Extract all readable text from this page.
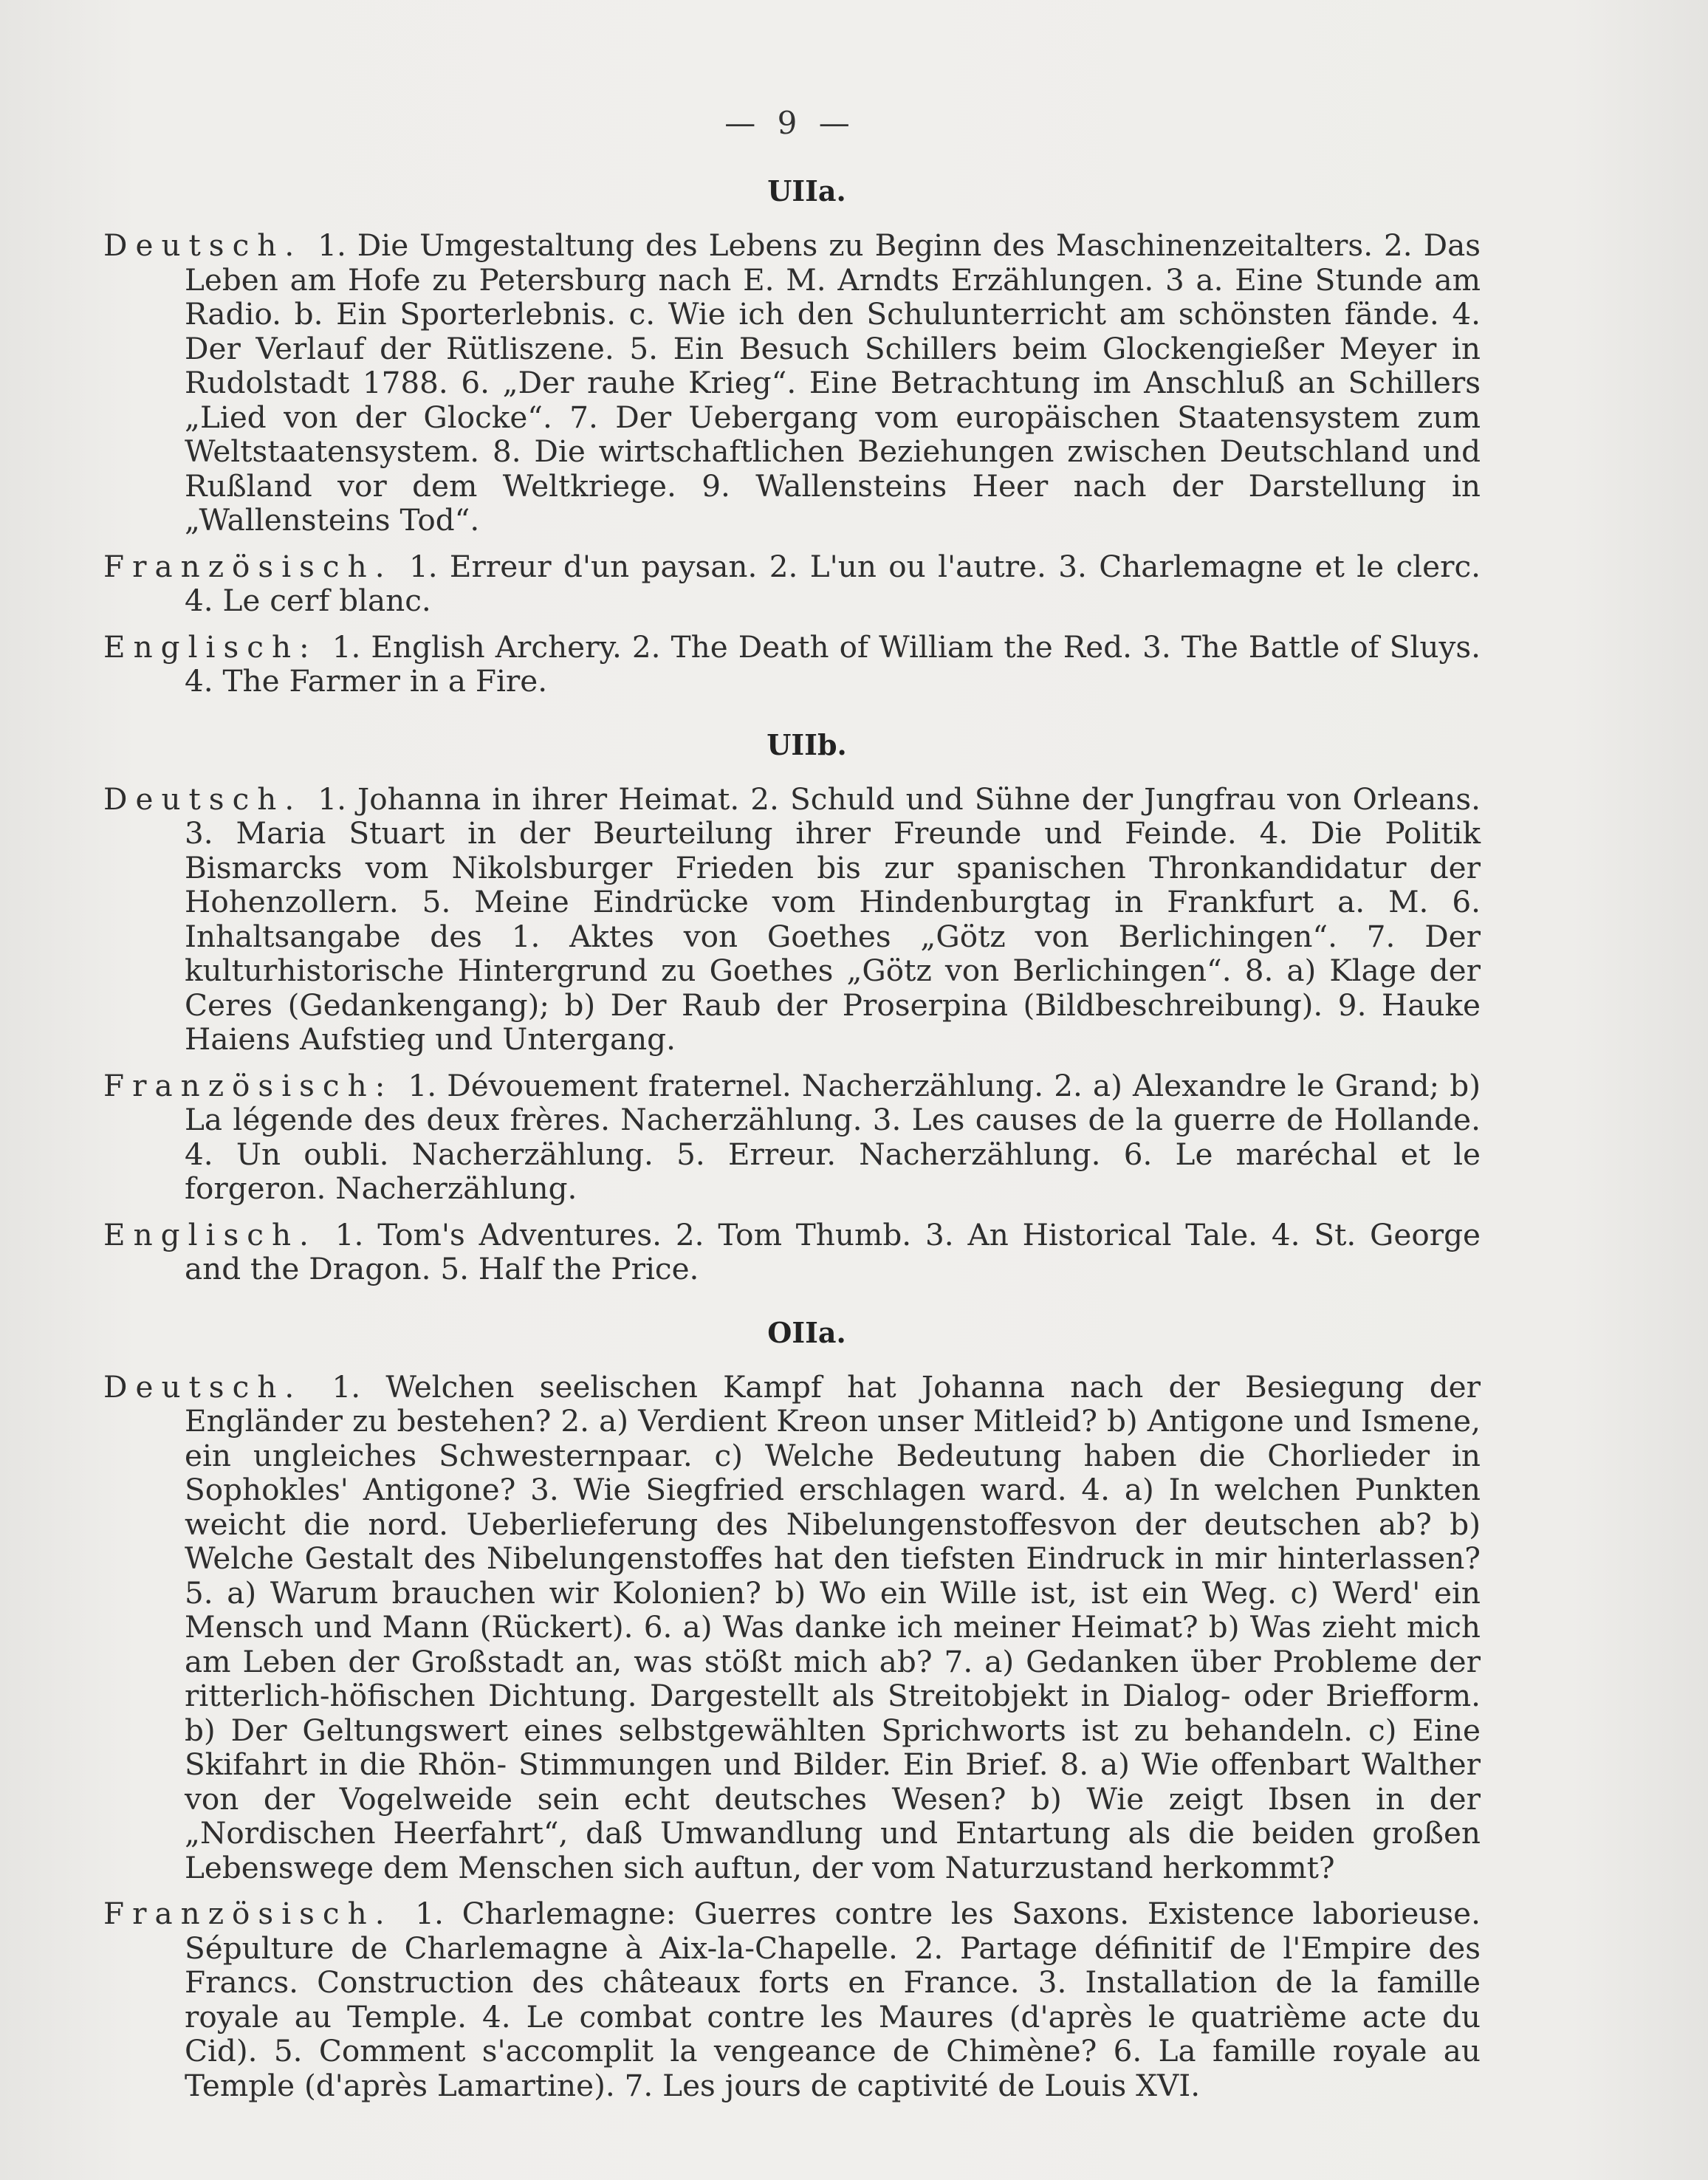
— 9 —
UIIa.

Deutsch. 1. Die Umgestaltung des Lebens zu Beginn des Maschinenzeitalters. 2. Das Leben am Hofe zu Petersburg nach E. M. Arndts Erzählungen. 3 a. Eine Stunde am Radio. b. Ein Sporterlebnis. c. Wie ich den Schulunterricht am schönsten fände. 4. Der Verlauf der Rütliszene. 5. Ein Besuch Schillers beim Glockengießer Meyer in Rudolstadt 1788. 6. „Der rauhe Krieg“. Eine Betrachtung im Anschluß an Schillers „Lied von der Glocke“. 7. Der Uebergang vom europäischen Staatensystem zum Weltstaatensystem. 8. Die wirtschaftlichen Beziehungen zwischen Deutschland und Rußland vor dem Weltkriege. 9. Wallensteins Heer nach der Darstellung in „Wallensteins Tod“.

Französisch. 1. Erreur d'un paysan. 2. L'un ou l'autre. 3. Charlemagne et le clerc. 4. Le cerf blanc.

Englisch: 1. English Archery. 2. The Death of William the Red. 3. The Battle of Sluys. 4. The Farmer in a Fire.

UIIb.

Deutsch. 1. Johanna in ihrer Heimat. 2. Schuld und Sühne der Jungfrau von Orleans. 3. Maria Stuart in der Beurteilung ihrer Freunde und Feinde. 4. Die Politik Bismarcks vom Nikolsburger Frieden bis zur spanischen Thronkandidatur der Hohenzollern. 5. Meine Eindrücke vom Hindenburgtag in Frankfurt a. M. 6. Inhaltsangabe des 1. Aktes von Goethes „Götz von Berlichingen“. 7. Der kulturhistorische Hintergrund zu Goethes „Götz von Berlichingen“. 8. a) Klage der Ceres (Gedankengang); b) Der Raub der Proserpina (Bildbeschreibung). 9. Hauke Haiens Aufstieg und Untergang.

Französisch: 1. Dévouement fraternel. Nacherzählung. 2. a) Alexandre le Grand; b) La légende des deux frères. Nacherzählung. 3. Les causes de la guerre de Hollande. 4. Un oubli. Nacherzählung. 5. Erreur. Nacherzählung. 6. Le maréchal et le forgeron. Nacherzählung.

Englisch. 1. Tom's Adventures. 2. Tom Thumb. 3. An Historical Tale. 4. St. George and the Dragon. 5. Half the Price.

OIIa.

Deutsch. 1. Welchen seelischen Kampf hat Johanna nach der Besiegung der Engländer zu bestehen? 2. a) Verdient Kreon unser Mitleid? b) Antigone und Ismene, ein ungleiches Schwesternpaar. c) Welche Bedeutung haben die Chorlieder in Sophokles' Antigone? 3. Wie Siegfried erschlagen ward. 4. a) In welchen Punkten weicht die nord. Ueberlieferung des Nibelungenstoffesvon der deutschen ab? b) Welche Gestalt des Nibelungenstoffes hat den tiefsten Eindruck in mir hinterlassen? 5. a) Warum brauchen wir Kolonien? b) Wo ein Wille ist, ist ein Weg. c) Werd' ein Mensch und Mann (Rückert). 6. a) Was danke ich meiner Heimat? b) Was zieht mich am Leben der Großstadt an, was stößt mich ab? 7. a) Gedanken über Probleme der ritterlich-höfischen Dichtung. Dargestellt als Streitobjekt in Dialog- oder Briefform. b) Der Geltungswert eines selbstgewählten Sprichworts ist zu behandeln. c) Eine Skifahrt in die Rhön- Stimmungen und Bilder. Ein Brief. 8. a) Wie offenbart Walther von der Vogelweide sein echt deutsches Wesen? b) Wie zeigt Ibsen in der „Nordischen Heerfahrt“, daß Umwandlung und Entartung als die beiden großen Lebenswege dem Menschen sich auftun, der vom Naturzustand herkommt?

Französisch. 1. Charlemagne: Guerres contre les Saxons. Existence laborieuse. Sépulture de Charlemagne à Aix-la-Chapelle. 2. Partage définitif de l'Empire des Francs. Construction des châteaux forts en France. 3. Installation de la famille royale au Temple. 4. Le combat contre les Maures (d'après le quatrième acte du Cid). 5. Comment s'accomplit la vengeance de Chimène? 6. La famille royale au Temple (d'après Lamartine). 7. Les jours de captivité de Louis XVI.
